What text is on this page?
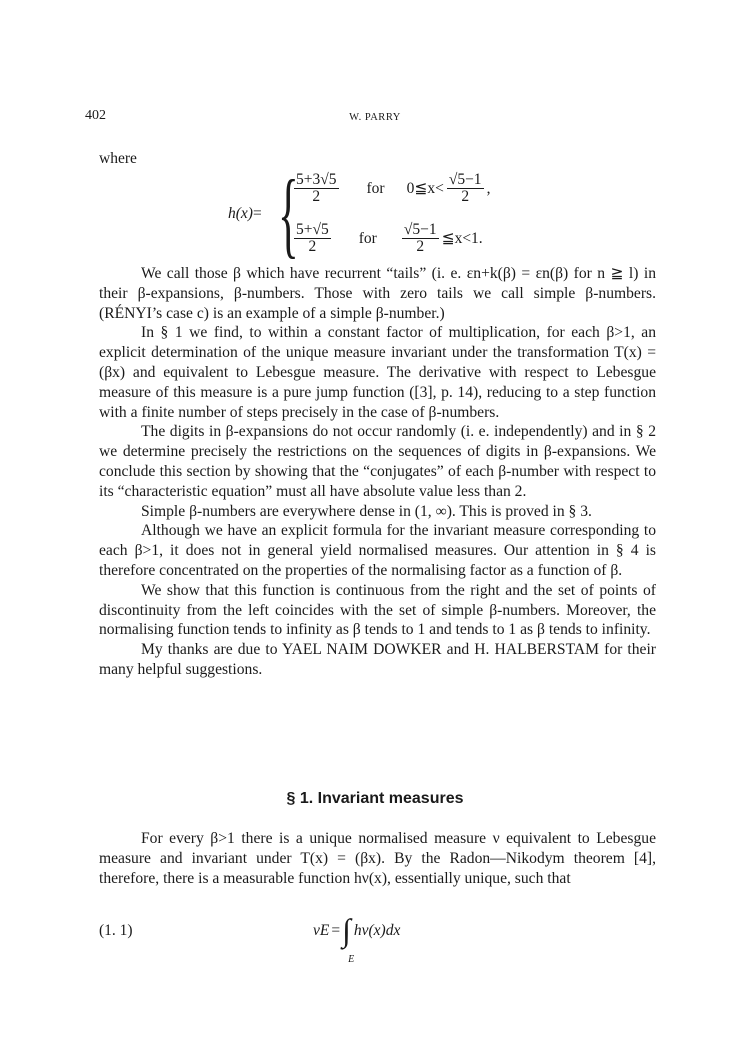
402	W. PARRY
where
h(x)= {
$\frac{5+3√5}{2}$ for 0≦x< $\frac{√5-1}{2}$ ,
$\frac{5+√5}{2}$ for $\frac{√5-1}{2}$ ≦x<1.

We call those β which have recurrent “tails” (i. e. εn+k(β) = εn(β) for n ≧ l) in their β-expansions, β-numbers. Those with zero tails we call simple β-numbers. (RÉNYI’s case c) is an example of a simple β-number.)

In § 1 we find, to within a constant factor of multiplication, for each β>1, an explicit determination of the unique measure invariant under the transformation T(x) = (βx) and equivalent to Lebesgue measure. The derivative with respect to Lebesgue measure of this measure is a pure jump function ([3], p. 14), reducing to a step function with a finite number of steps precisely in the case of β-numbers.

The digits in β-expansions do not occur randomly (i. e. independently) and in § 2 we determine precisely the restrictions on the sequences of digits in β-expansions. We conclude this section by showing that the “conjugates” of each β-number with respect to its “characteristic equation” must all have absolute value less than 2.

Simple β-numbers are everywhere dense in (1, ∞). This is proved in § 3.

Although we have an explicit formula for the invariant measure corresponding to each β>1, it does not in general yield normalised measures. Our attention in § 4 is therefore concentrated on the properties of the normalising factor as a function of β.

We show that this function is continuous from the right and the set of points of discontinuity from the left coincides with the set of simple β-numbers. Moreover, the normalising function tends to infinity as β tends to 1 and tends to 1 as β tends to infinity.

My thanks are due to YAEL NAIM DOWKER and H. HALBERSTAM for their many helpful suggestions.

§ 1. Invariant measures

For every β>1 there is a unique normalised measure ν equivalent to Lebesgue measure and invariant under T(x) = (βx). By the Radon—Nikodym theorem [4], therefore, there is a measurable function hν(x), essentially unique, such that

(1. 1)	νE = ∫
E
hν(x)dx
